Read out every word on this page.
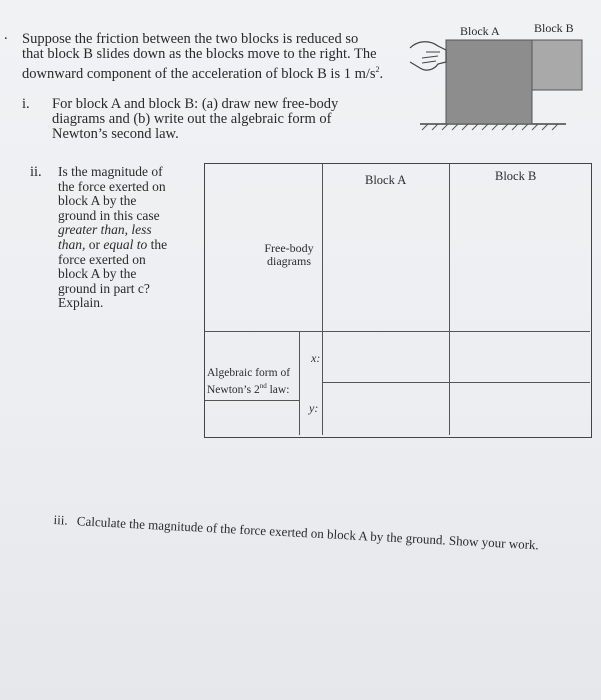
. Suppose the friction between the two blocks is reduced so
that block B slides down as the blocks move to the right. The
downward component of the acceleration of block B is 1 $m/s^2$.
Block A	Block B
i. For block A and block B: (a) draw new free-body
diagrams and (b) write out the algebraic form of
Newton’s second law.
ii. Is the magnitude of
the force exerted on
block A by the
ground in this case
greater than, less
than, or equal to the
force exerted on
block A by the
ground in part c?
Explain.
Block A	Block B
Free-body
diagrams
Algebraic form of
Newton’s 2nd law:
x:
y:
iii. Calculate the magnitude of the force exerted on block A by the ground. Show your work.
